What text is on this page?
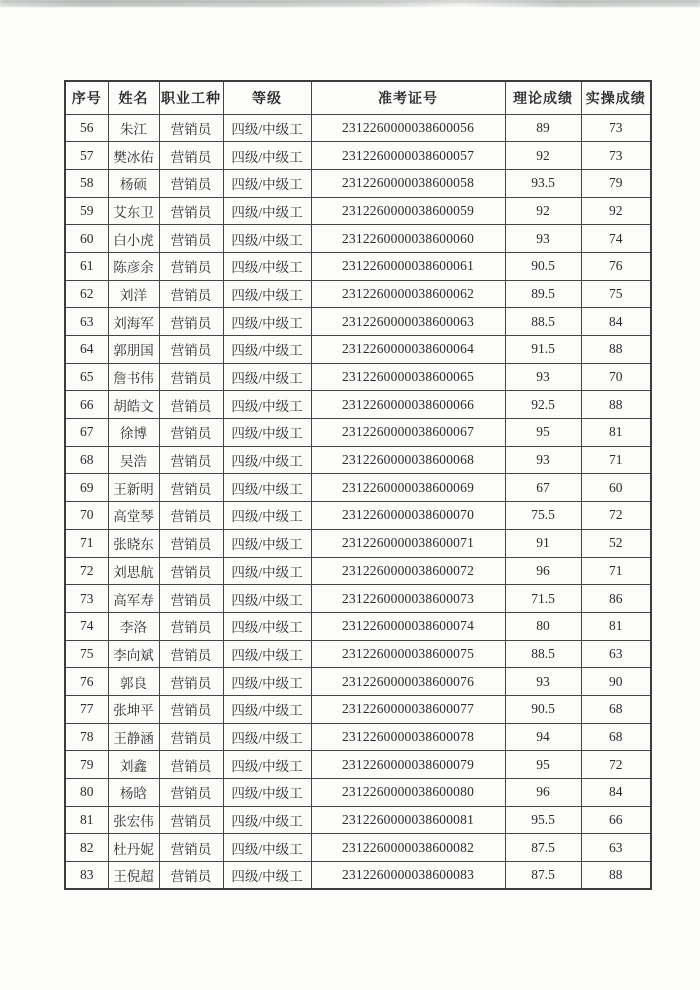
序号	姓名	职业工种	等级	准考证号	理论成绩	实操成绩
56	朱江	营销员	四级/中级工	2312260000038600056	89	73
57	樊冰佑	营销员	四级/中级工	2312260000038600057	92	73
58	杨硕	营销员	四级/中级工	2312260000038600058	93.5	79
59	艾东卫	营销员	四级/中级工	2312260000038600059	92	92
60	白小虎	营销员	四级/中级工	2312260000038600060	93	74
61	陈彦余	营销员	四级/中级工	2312260000038600061	90.5	76
62	刘洋	营销员	四级/中级工	2312260000038600062	89.5	75
63	刘海军	营销员	四级/中级工	2312260000038600063	88.5	84
64	郭朋国	营销员	四级/中级工	2312260000038600064	91.5	88
65	詹书伟	营销员	四级/中级工	2312260000038600065	93	70
66	胡皓文	营销员	四级/中级工	2312260000038600066	92.5	88
67	徐博	营销员	四级/中级工	2312260000038600067	95	81
68	吴浩	营销员	四级/中级工	2312260000038600068	93	71
69	王新明	营销员	四级/中级工	2312260000038600069	67	60
70	高堂琴	营销员	四级/中级工	2312260000038600070	75.5	72
71	张晓东	营销员	四级/中级工	2312260000038600071	91	52
72	刘思航	营销员	四级/中级工	2312260000038600072	96	71
73	高军寿	营销员	四级/中级工	2312260000038600073	71.5	86
74	李洛	营销员	四级/中级工	2312260000038600074	80	81
75	李向斌	营销员	四级/中级工	2312260000038600075	88.5	63
76	郭良	营销员	四级/中级工	2312260000038600076	93	90
77	张坤平	营销员	四级/中级工	2312260000038600077	90.5	68
78	王静涵	营销员	四级/中级工	2312260000038600078	94	68
79	刘鑫	营销员	四级/中级工	2312260000038600079	95	72
80	杨晗	营销员	四级/中级工	2312260000038600080	96	84
81	张宏伟	营销员	四级/中级工	2312260000038600081	95.5	66
82	杜丹妮	营销员	四级/中级工	2312260000038600082	87.5	63
83	王倪超	营销员	四级/中级工	2312260000038600083	87.5	88
